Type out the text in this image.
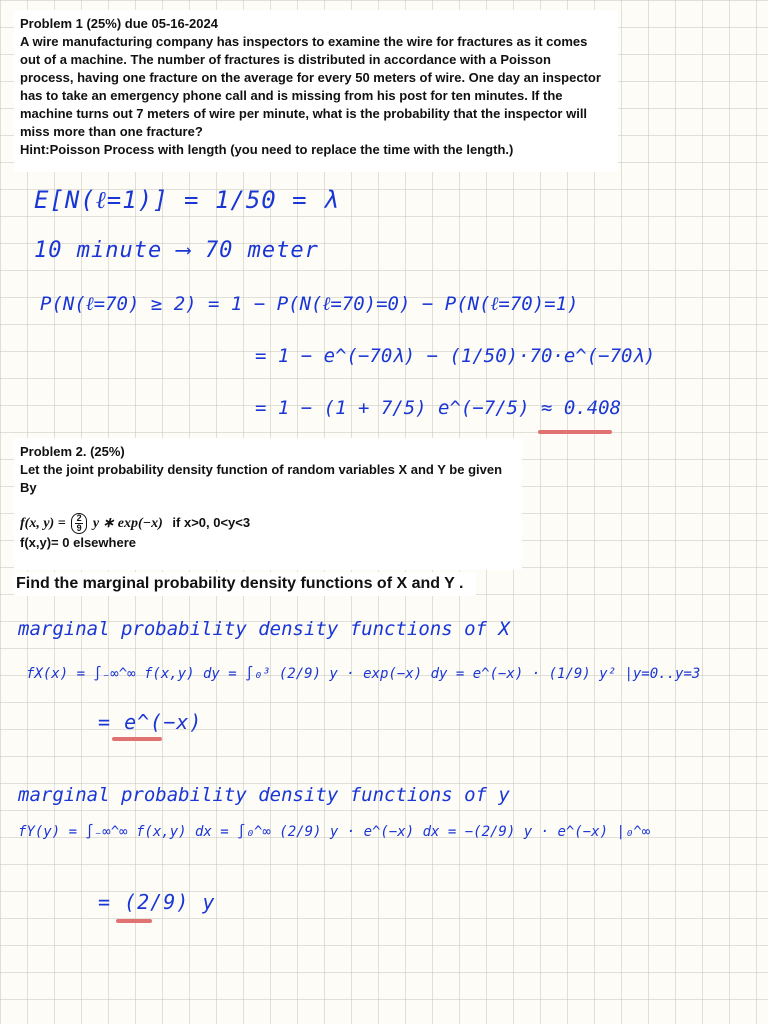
Problem 1 (25%) due 05-16-2024
A wire manufacturing company has inspectors to examine the wire for fractures as it comes
out of a machine. The number of fractures is distributed in accordance with a Poisson
process, having one fracture on the average for every 50 meters of wire. One day an inspector
has to take an emergency phone call and is missing from his post for ten minutes. If the
machine turns out 7 meters of wire per minute, what is the probability that the inspector will
miss more than one fracture?
Hint:Poisson Process with length (you need to replace the time with the length.)
E[N(ℓ=1)] = 1/50 = λ
10 minute ⟶ 70 meter
P(N(ℓ=70) ≥ 2) = 1 − P(N(ℓ=70)=0) − P(N(ℓ=70)=1)
= 1 − e^(−70λ) − (1/50)·70·e^(−70λ)
= 1 − (1 + 7/5) e^(−7/5) ≈ 0.408
Problem 2. (25%)
Let the joint probability density function of random variables X and Y be given
By
f(x, $y) = \frac{2}{9}$ y ∗ exp(−x) if x>0, 0<y<3
f(x,y)= 0 elsewhere
Find the marginal probability density functions of X and Y .
marginal probability density functions of X
fX(x) = ∫₋∞^∞ f(x,y) dy = ∫₀³ (2/9) y · exp(−x) dy = e^(−x) · (1/9) y² |y=0..y=3
= e^(−x)
marginal probability density functions of y
fY(y) = ∫₋∞^∞ f(x,y) dx = ∫₀^∞ (2/9) y · e^(−x) dx = −(2/9) y · e^(−x) |₀^∞
= (2/9) y
